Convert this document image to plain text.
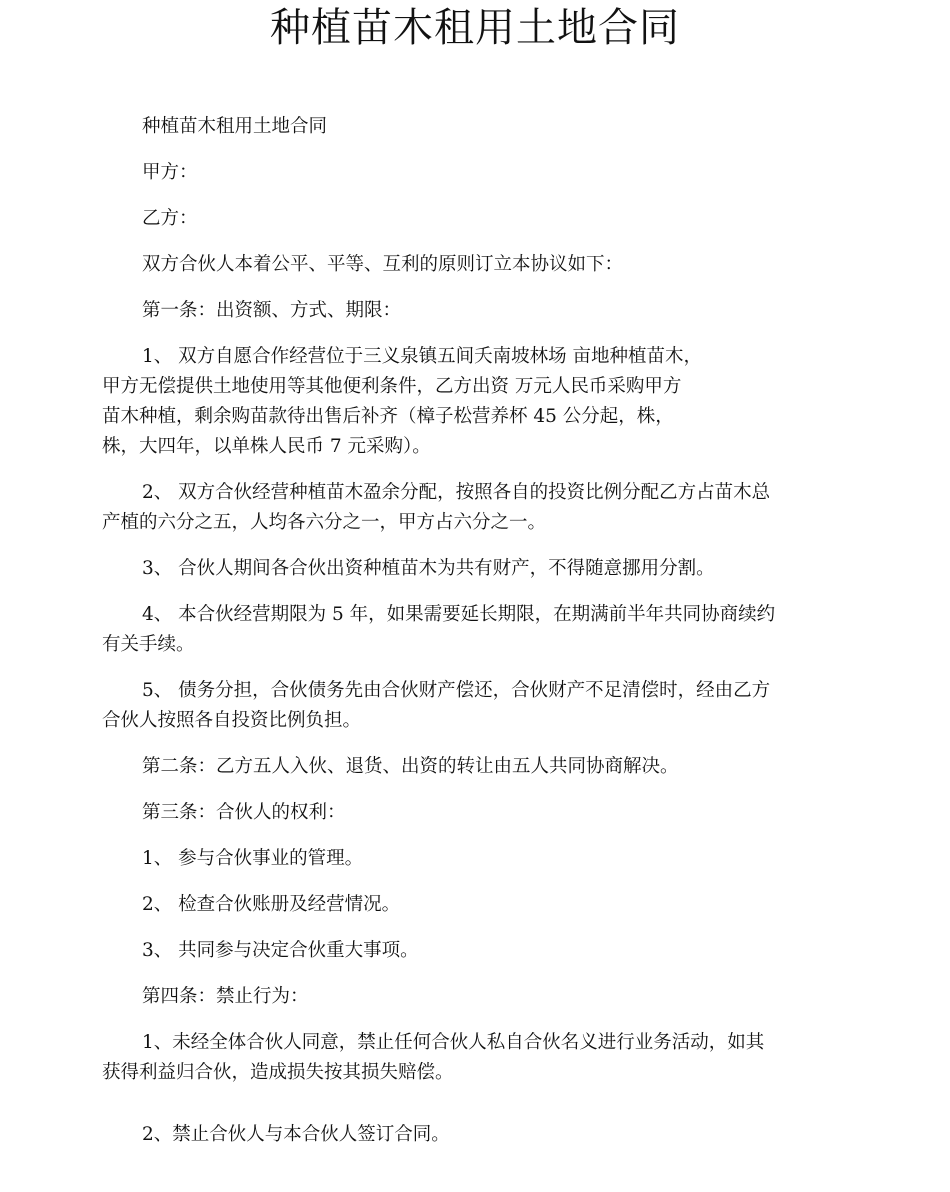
种植苗木租用土地合同

种植苗木租用土地合同

甲方：

乙方：

双方合伙人本着公平、平等、互利的原则订立本协议如下：

第一条：出资额、方式、期限：

1、 双方自愿合作经营位于三义泉镇五间夭南坡林场 亩地种植苗木，
甲方无偿提供土地使用等其他便利条件，乙方出资 万元人民币采购甲方
苗木种植，剩余购苗款待出售后补齐（樟子松营养杯 45 公分起，株，
株，大四年，以单株人民币 7 元采购）。

2、 双方合伙经营种植苗木盈余分配，按照各自的投资比例分配乙方占苗木总
产植的六分之五，人均各六分之一，甲方占六分之一。

3、 合伙人期间各合伙出资种植苗木为共有财产，不得随意挪用分割。

4、 本合伙经营期限为 5 年，如果需要延长期限，在期满前半年共同协商续约
有关手续。

5、 债务分担，合伙债务先由合伙财产偿还，合伙财产不足清偿时，经由乙方
合伙人按照各自投资比例负担。

第二条：乙方五人入伙、退货、出资的转让由五人共同协商解决。

第三条：合伙人的权利：

1、 参与合伙事业的管理。

2、 检查合伙账册及经营情况。

3、 共同参与决定合伙重大事项。

第四条：禁止行为：

1、未经全体合伙人同意，禁止任何合伙人私自合伙名义进行业务活动，如其
获得利益归合伙，造成损失按其损失赔偿。

2、禁止合伙人与本合伙人签订合同。
